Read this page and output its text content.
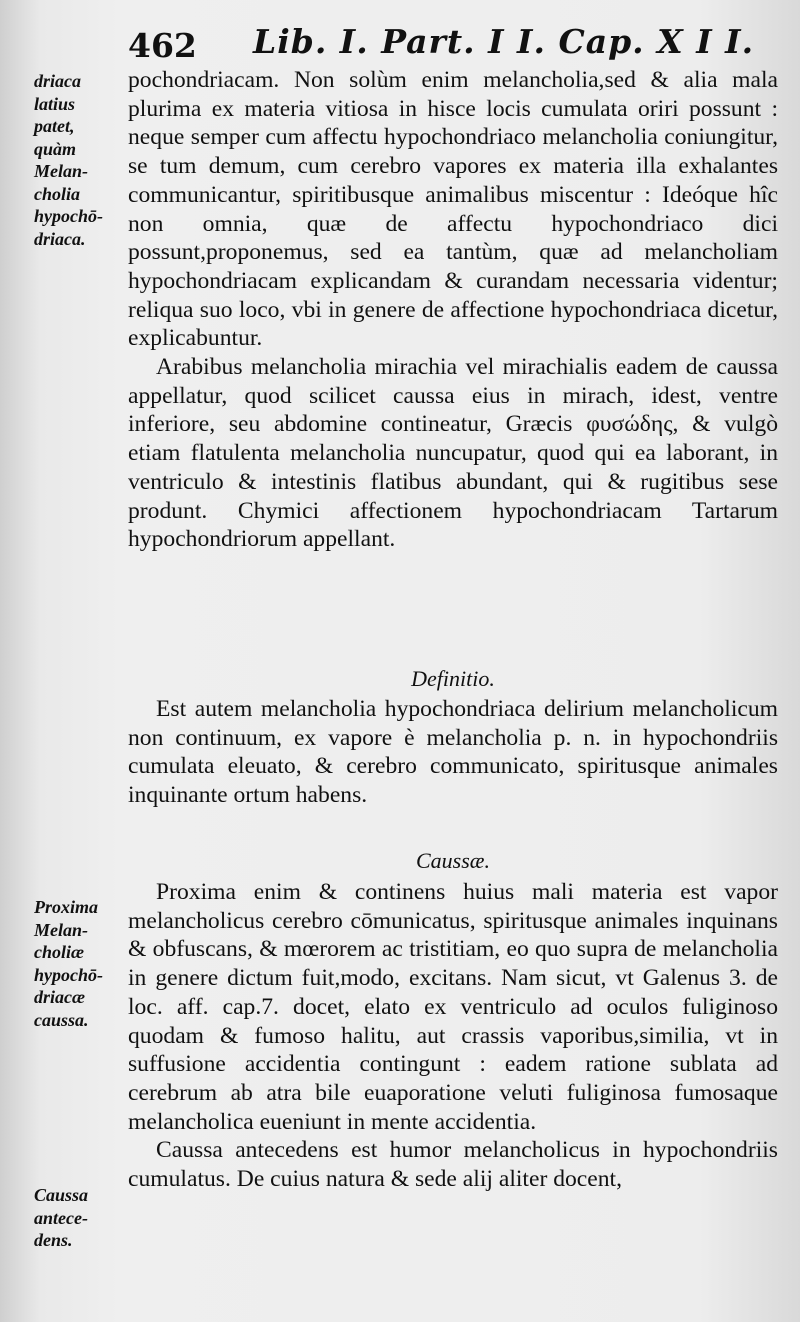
462 Lib. I. Part. I I. Cap. X I I.
driaca
latius
patet,
quàm
Melan-
cholia
hypochō-
driaca.
Proxima
Melan-
choliæ
hypochō-
driacæ
caussa.
Caussa
antece-
dens.

pochondriacam. Non solùm enim melancholia,sed & alia mala plurima ex materia vitiosa in hisce locis cumulata oriri possunt : neque semper cum affectu hypochondriaco melancholia coniungitur, se tum demum, cum cerebro vapores ex materia illa exhalantes communicantur, spiritibusque animalibus miscentur : Ideóque hîc non omnia, quæ de affectu hypochondriaco dici possunt,proponemus, sed ea tantùm, quæ ad melancholiam hypochondriacam explicandam & curandam necessaria videntur; reliqua suo loco, vbi in genere de affectione hypochondriaca dicetur, explicabuntur.

Arabibus melancholia mirachia vel mirachialis eadem de caussa appellatur, quod scilicet caussa eius in mirach, idest, ventre inferiore, seu abdomine contineatur, Græcis φυσώδης, & vulgò etiam flatulenta melancholia nuncupatur, quod qui ea laborant, in ventriculo & intestinis flatibus abundant, qui & rugitibus sese produnt. Chymici affectionem hypochondriacam Tartarum hypochondriorum appellant.

Definitio.

Est autem melancholia hypochondriaca delirium melancholicum non continuum, ex vapore è melancholia p. n. in hypochondriis cumulata eleuato, & cerebro communicato, spiritusque animales inquinante ortum habens.

Caussæ.

Proxima enim & continens huius mali materia est vapor melancholicus cerebro cōmunicatus, spiritusque animales inquinans & obfuscans, & mœrorem ac tristitiam, eo quo supra de melancholia in genere dictum fuit,modo, excitans. Nam sicut, vt Galenus 3. de loc. aff. cap.7. docet, elato ex ventriculo ad oculos fuliginoso quodam & fumoso halitu, aut crassis vaporibus,similia, vt in suffusione accidentia contingunt : eadem ratione sublata ad cerebrum ab atra bile euaporatione veluti fuliginosa fumosaque melancholica eueniunt in mente accidentia.

Caussa antecedens est humor melancholicus in hypochondriis cumulatus. De cuius natura & sede alij aliter docent,
